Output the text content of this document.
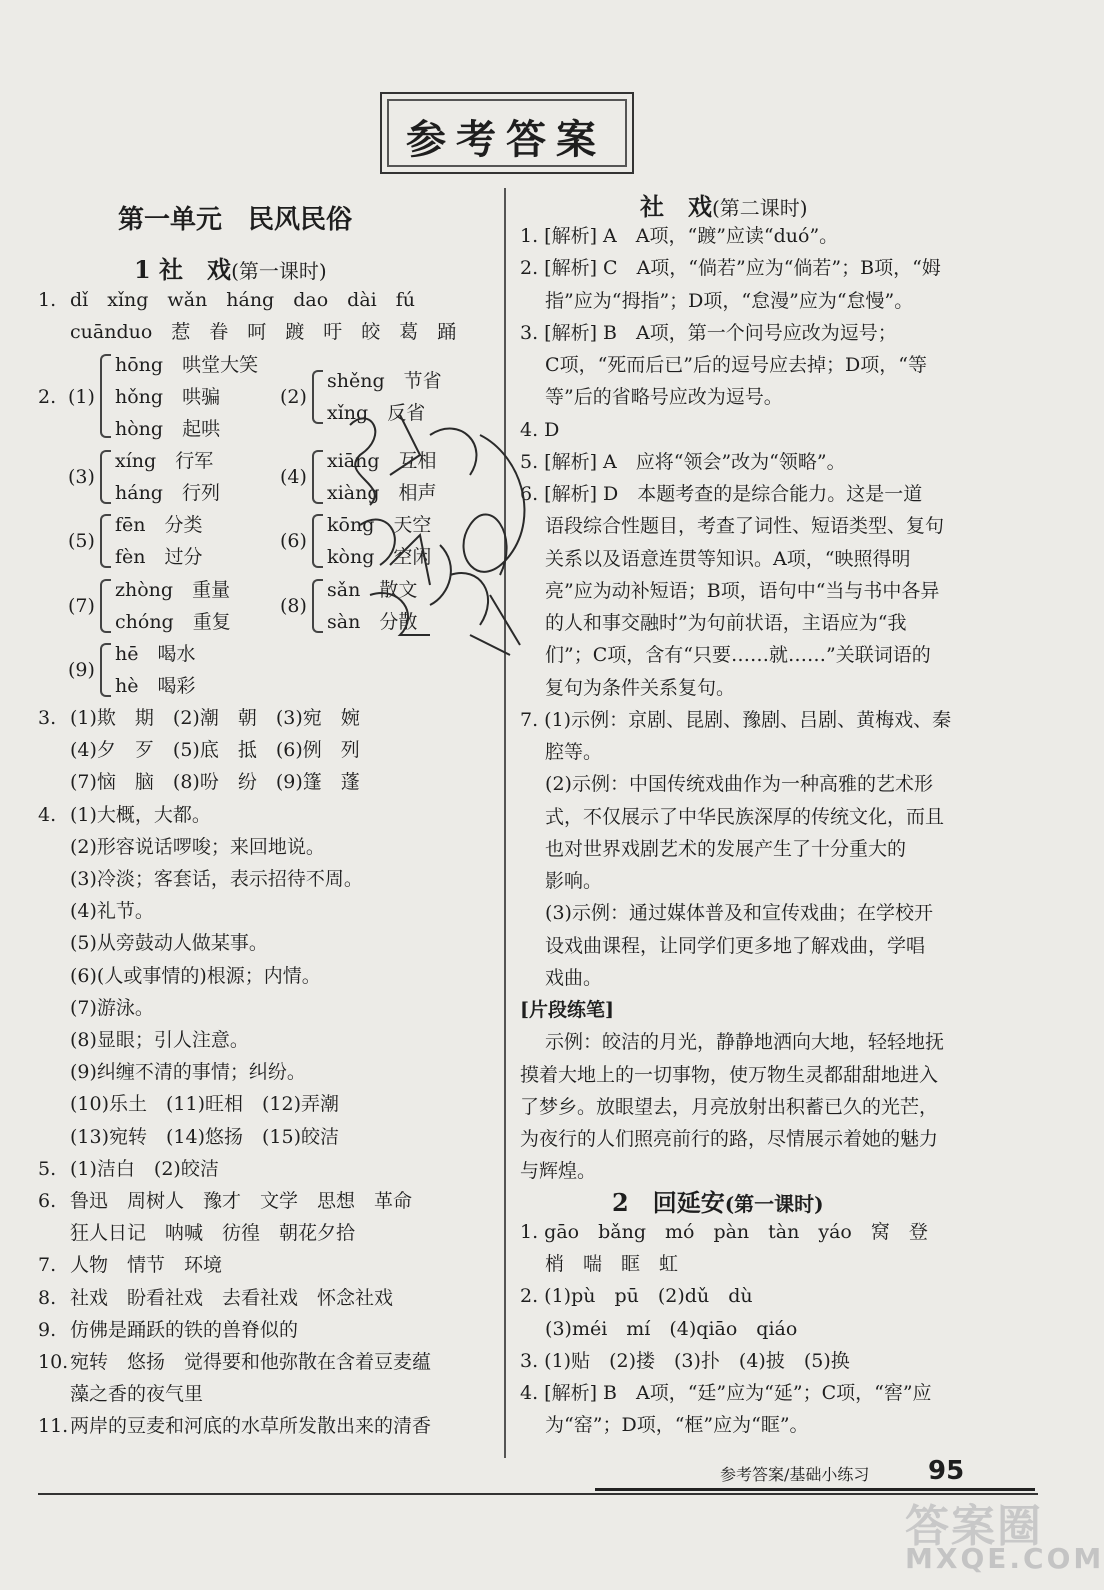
参考答案
第一单元　民风民俗
1 社　戏(第一课时)
1. dǐ　xǐng　wǎn　háng　dao　dài　fú
cuānduo　惹　眷　呵　踱　吁　皎　葛　踊
2. (1)
hōng　哄堂大笑
hǒng　哄骗
hòng　起哄
(2)
shěng　节省
xǐng　反省
(3)
xíng　行军
háng　行列
(4)
xiāng　互相
xiàng　相声
(5)
fēn　分类
fèn　过分
(6)
kōng　天空
kòng　空闲
(7)
zhòng　重量
chóng　重复
(8)
sǎn　散文
sàn　分散
(9)
hē　喝水
hè　喝彩
3. (1)欺　期　(2)潮　朝　(3)宛　婉
(4)夕　歹　(5)底　抵　(6)例　列
(7)恼　脑　(8)吩　纷　(9)篷　蓬
4. (1)大概，大都。
(2)形容说话啰唆；来回地说。
(3)冷淡；客套话，表示招待不周。
(4)礼节。
(5)从旁鼓动人做某事。
(6)(人或事情的)根源；内情。
(7)游泳。
(8)显眼；引人注意。
(9)纠缠不清的事情；纠纷。
(10)乐土　(11)旺相　(12)弄潮
(13)宛转　(14)悠扬　(15)皎洁
5. (1)洁白　(2)皎洁
6. 鲁迅　周树人　豫才　文学　思想　革命
狂人日记　呐喊　彷徨　朝花夕拾
7. 人物　情节　环境
8. 社戏　盼看社戏　去看社戏　怀念社戏
9. 仿佛是踊跃的铁的兽脊似的
10. 宛转　悠扬　觉得要和他弥散在含着豆麦蕴
藻之香的夜气里
11. 两岸的豆麦和河底的水草所发散出来的清香
社　戏(第二课时)
1. [解析] A　A项，“踱”应读“duó”。
2. [解析] C　A项，“倘若”应为“倘若”；B项，“姆
　 指”应为“拇指”；D项，“怠漫”应为“怠慢”。
3. [解析] B　A项，第一个问号应改为逗号；
　 C项，“死而后已”后的逗号应去掉；D项，“等
　 等”后的省略号应改为逗号。
4. D
5. [解析] A　应将“领会”改为“领略”。
6. [解析] D　本题考查的是综合能力。这是一道
　 语段综合性题目，考查了词性、短语类型、复句
　 关系以及语意连贯等知识。A项，“映照得明
　 亮”应为动补短语；B项，语句中“当与书中各异
　 的人和事交融时”为句前状语，主语应为“我
　 们”；C项，含有“只要……就……”关联词语的
　 复句为条件关系复句。
7. (1)示例：京剧、昆剧、豫剧、吕剧、黄梅戏、秦
　 腔等。
　 (2)示例：中国传统戏曲作为一种高雅的艺术形
　 式，不仅展示了中华民族深厚的传统文化，而且
　 也对世界戏剧艺术的发展产生了十分重大的
　 影响。
　 (3)示例：通过媒体普及和宣传戏曲；在学校开
　 设戏曲课程，让同学们更多地了解戏曲，学唱
　 戏曲。
[片段练笔]
　 示例：皎洁的月光，静静地洒向大地，轻轻地抚
摸着大地上的一切事物，使万物生灵都甜甜地进入
了梦乡。放眼望去，月亮放射出积蓄已久的光芒，
为夜行的人们照亮前行的路，尽情展示着她的魅力
与辉煌。
2　回延安(第一课时)
1. gāo　bǎng　mó　pàn　tàn　yáo　窝　登
　 梢　喘　眶　虹
2. (1)pù　pū　(2)dǔ　dù
　 (3)méi　mí　(4)qiāo　qiáo
3. (1)贴　(2)搂　(3)扑　(4)披　(5)换
4. [解析] B　A项，“廷”应为“延”；C项，“窖”应
　 为“窑”；D项，“框”应为“眶”。
参考答案/基础小练习 95
答案圈
MXQE.COM
